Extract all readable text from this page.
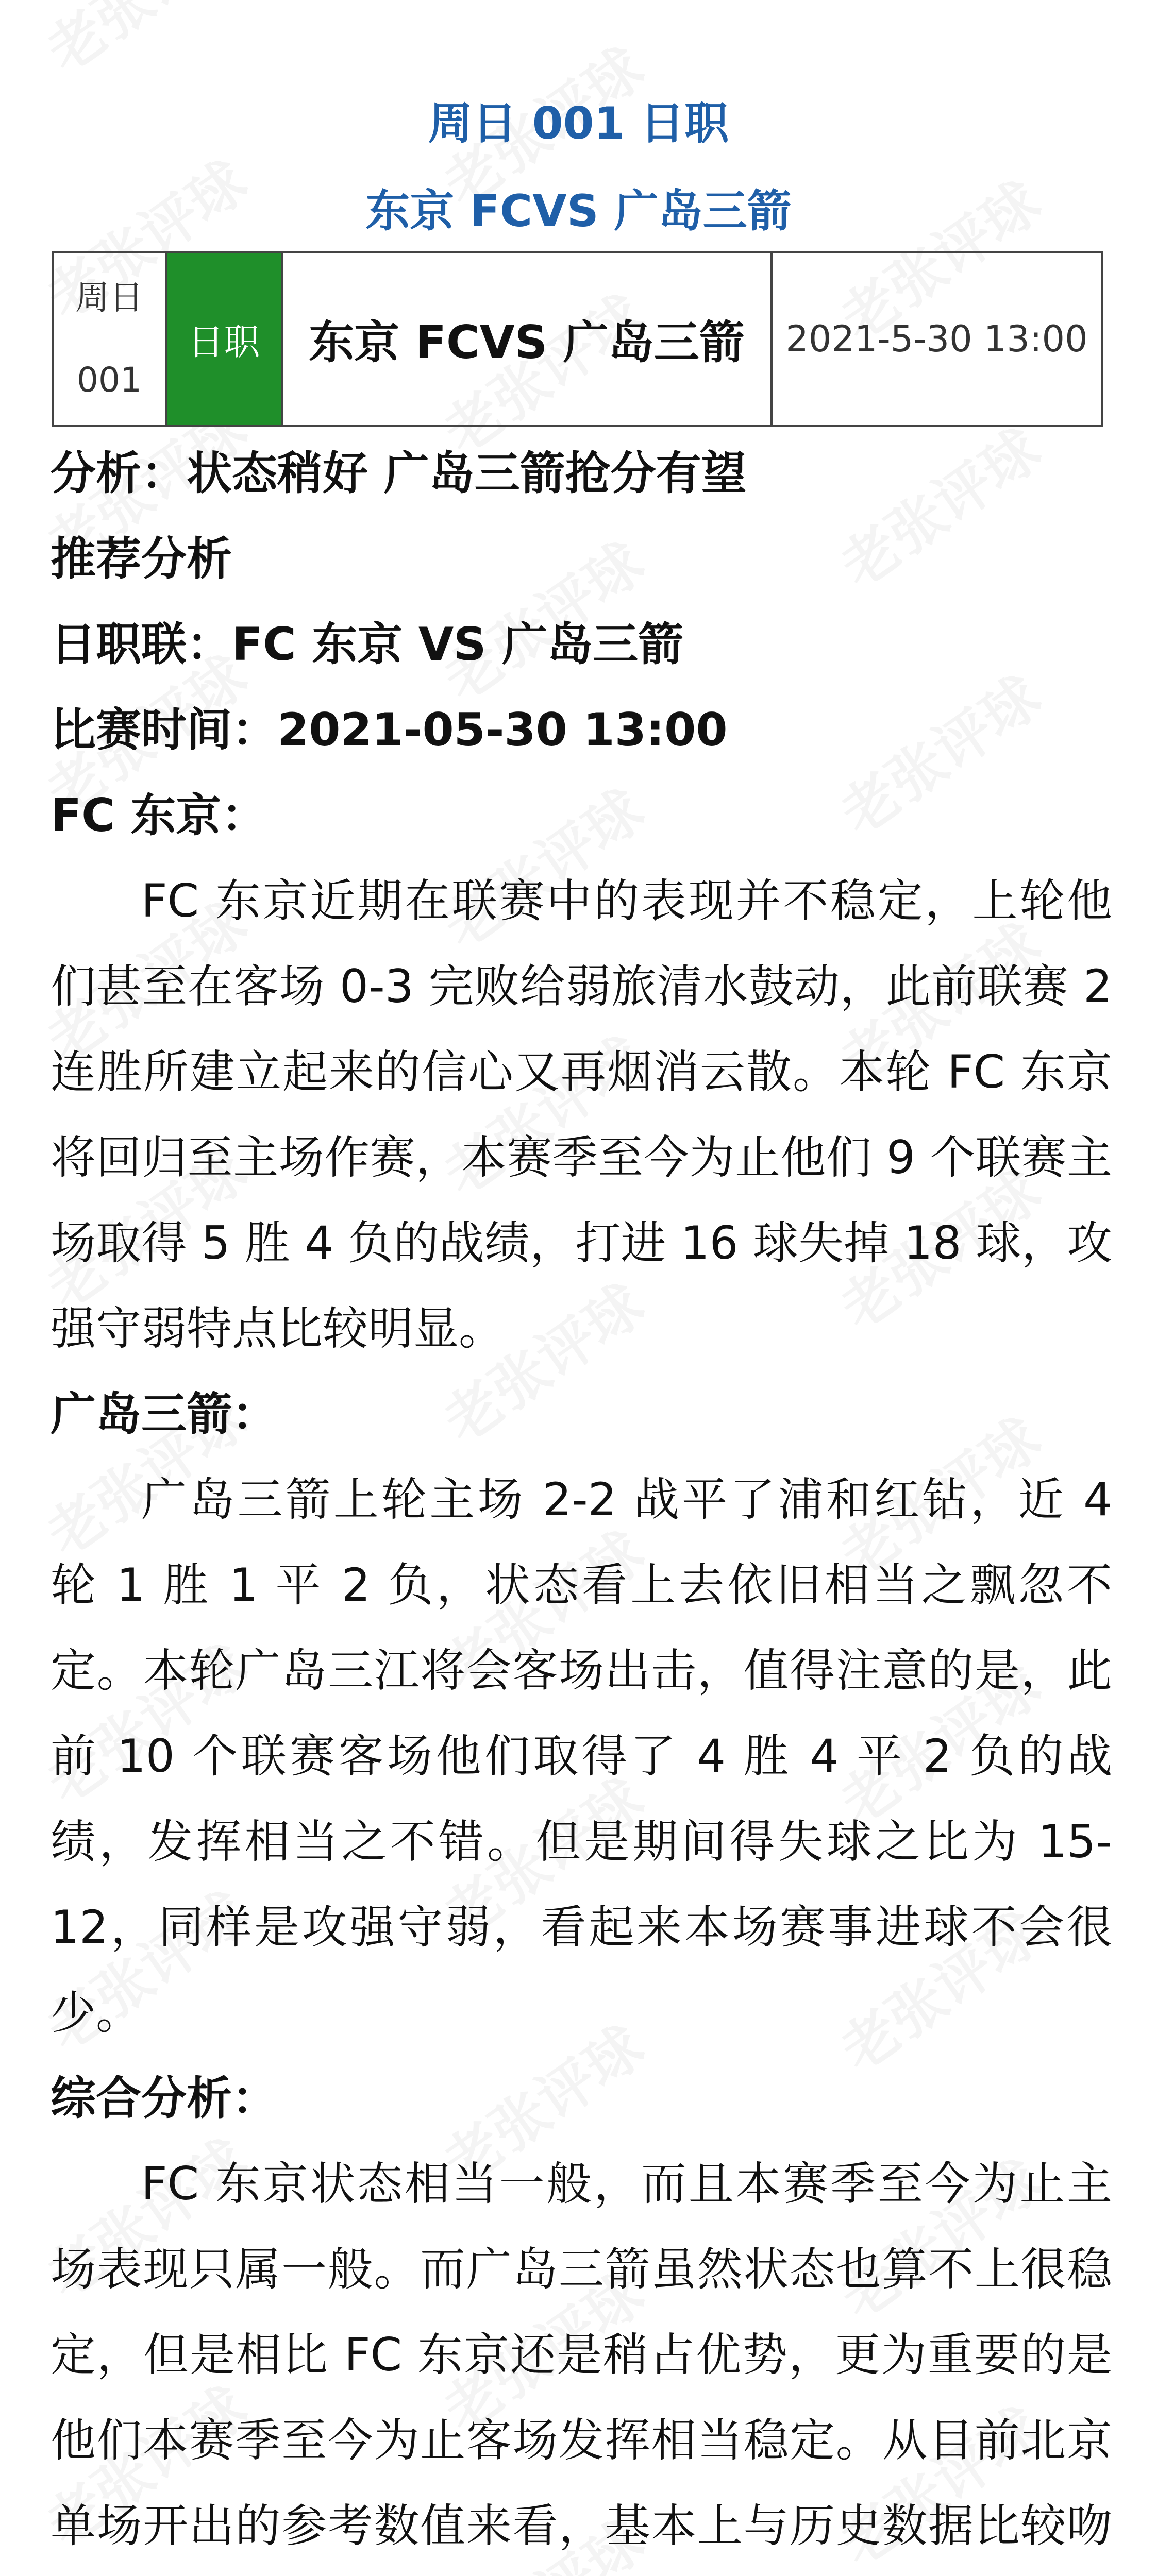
周日 001 日职
东京 FCVS 广岛三箭
周日
001
日职	东京 FCVS 广岛三箭	2021-5-30 13:00
分析：状态稍好 广岛三箭抢分有望
推荐分析
日职联：FC 东京 VS 广岛三箭
比赛时间：2021-05-30 13:00
FC 东京：
FC 东京近期在联赛中的表现并不稳定，上轮他们甚至在客场 0-3 完败给弱旅清水鼓动，此前联赛 2 连胜所建立起来的信心又再烟消云散。本轮 FC 东京将回归至主场作赛，本赛季至今为止他们 9 个联赛主场取得 5 胜 4 负的战绩，打进 16 球失掉 18 球，攻强守弱特点比较明显。
广岛三箭：
广岛三箭上轮主场 2-2 战平了浦和红钻，近 4 轮 1 胜 1 平 2 负，状态看上去依旧相当之飘忽不定。本轮广岛三江将会客场出击，值得注意的是，此前 10 个联赛客场他们取得了 4 胜 4 平 2 负的战绩，发挥相当之不错。但是期间得失球之比为 15-12，同样是攻强守弱，看起来本场赛事进球不会很少。
综合分析：
FC 东京状态相当一般，而且本赛季至今为止主场表现只属一般。而广岛三箭虽然状态也算不上很稳定，但是相比 FC 东京还是稍占优势，更为重要的是他们本赛季至今为止客场发挥相当稳定。从目前北京单场开出的参考数值来看，基本上与历史数据比较吻
